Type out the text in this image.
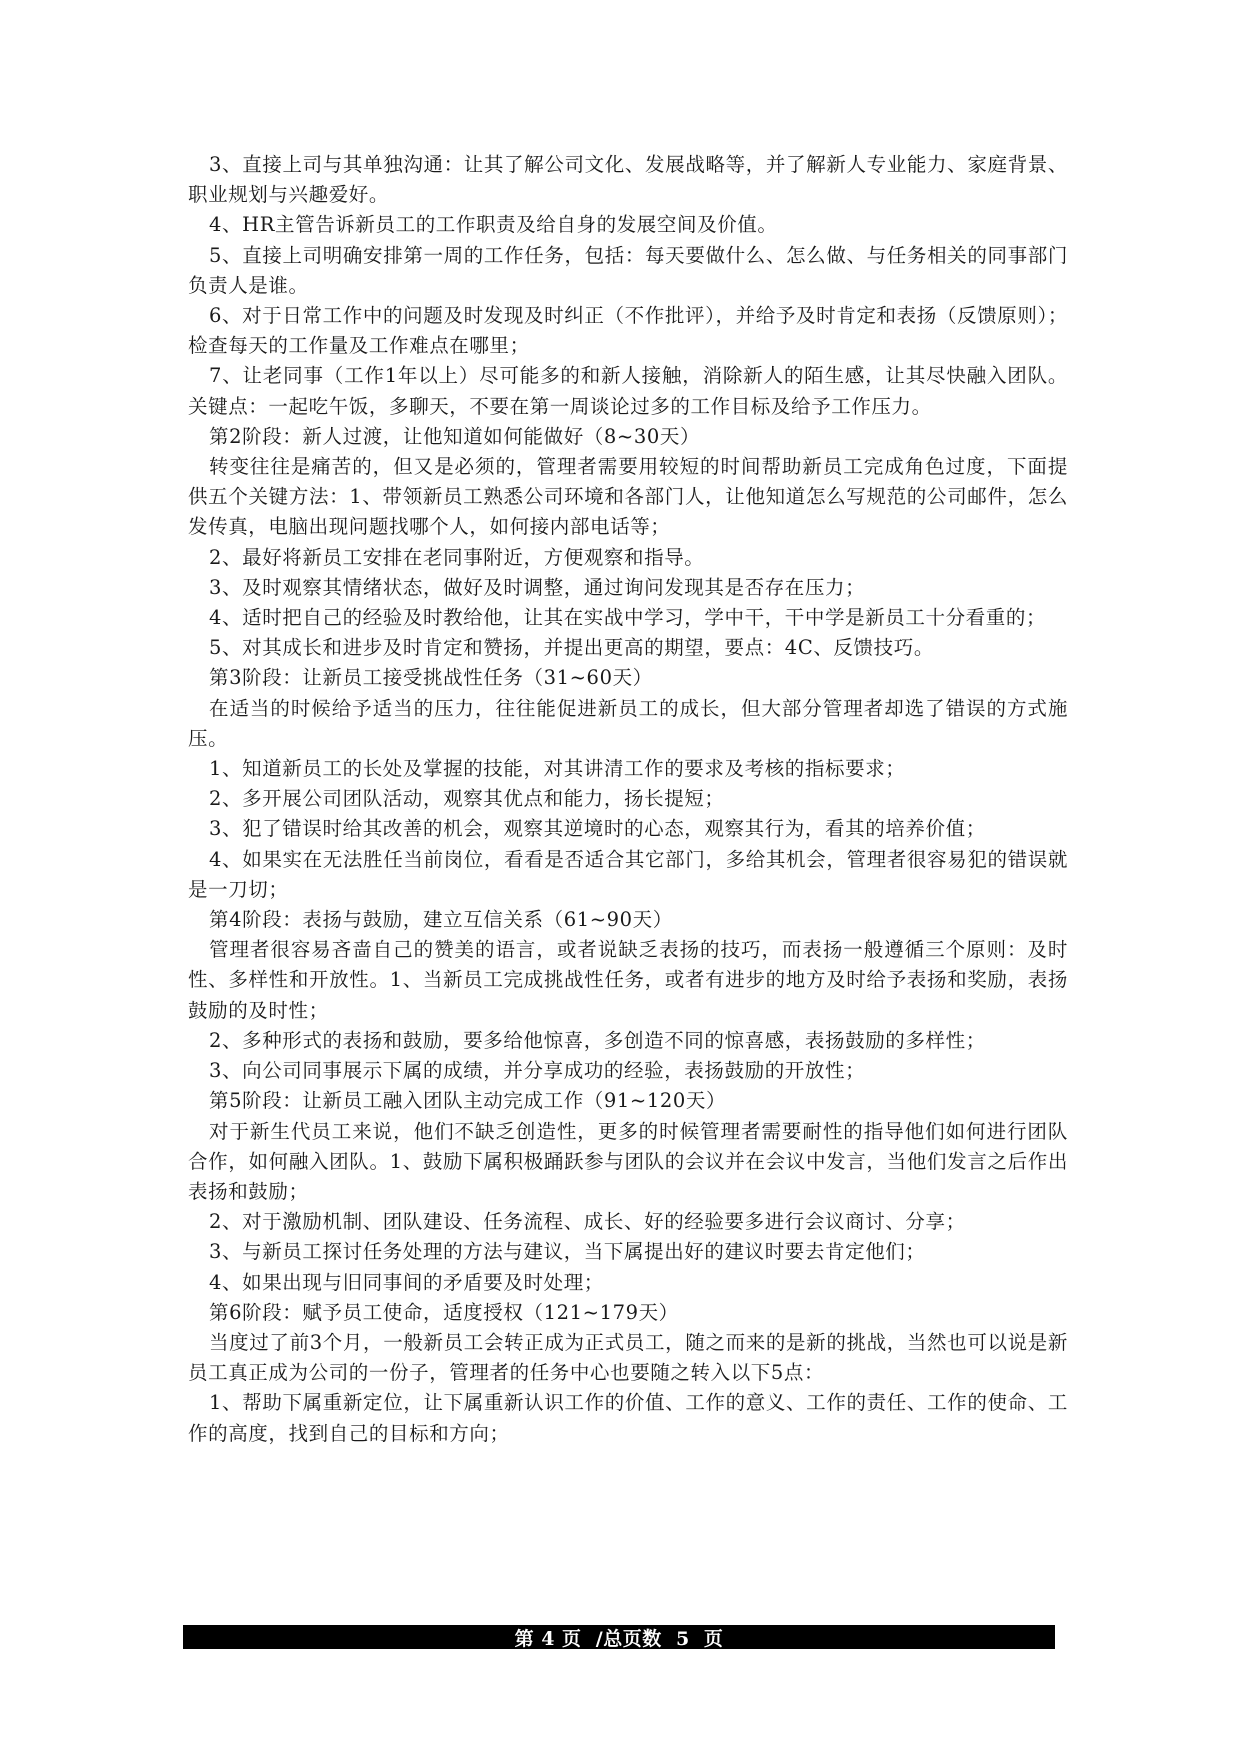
3、直接上司与其单独沟通：让其了解公司文化、发展战略等，并了解新人专业能力、家庭背景、职业规划与兴趣爱好。

4、HR主管告诉新员工的工作职责及给自身的发展空间及价值。

5、直接上司明确安排第一周的工作任务，包括：每天要做什么、怎么做、与任务相关的同事部门负责人是谁。

6、对于日常工作中的问题及时发现及时纠正（不作批评），并给予及时肯定和表扬（反馈原则）；检查每天的工作量及工作难点在哪里；

7、让老同事（工作1年以上）尽可能多的和新人接触，消除新人的陌生感，让其尽快融入团队。关键点：一起吃午饭，多聊天，不要在第一周谈论过多的工作目标及给予工作压力。

第2阶段：新人过渡，让他知道如何能做好（8~30天）

转变往往是痛苦的，但又是必须的，管理者需要用较短的时间帮助新员工完成角色过度，下面提供五个关键方法：1、带领新员工熟悉公司环境和各部门人，让他知道怎么写规范的公司邮件，怎么发传真，电脑出现问题找哪个人，如何接内部电话等；

2、最好将新员工安排在老同事附近，方便观察和指导。

3、及时观察其情绪状态，做好及时调整，通过询问发现其是否存在压力；

4、适时把自己的经验及时教给他，让其在实战中学习，学中干，干中学是新员工十分看重的；

5、对其成长和进步及时肯定和赞扬，并提出更高的期望，要点：4C、反馈技巧。

第3阶段：让新员工接受挑战性任务（31~60天）

在适当的时候给予适当的压力，往往能促进新员工的成长，但大部分管理者却选了错误的方式施压。

1、知道新员工的长处及掌握的技能，对其讲清工作的要求及考核的指标要求；

2、多开展公司团队活动，观察其优点和能力，扬长提短；

3、犯了错误时给其改善的机会，观察其逆境时的心态，观察其行为，看其的培养价值；

4、如果实在无法胜任当前岗位，看看是否适合其它部门，多给其机会，管理者很容易犯的错误就是一刀切；

第4阶段：表扬与鼓励，建立互信关系（61~90天）

管理者很容易吝啬自己的赞美的语言，或者说缺乏表扬的技巧，而表扬一般遵循三个原则：及时性、多样性和开放性。1、当新员工完成挑战性任务，或者有进步的地方及时给予表扬和奖励，表扬鼓励的及时性；

2、多种形式的表扬和鼓励，要多给他惊喜，多创造不同的惊喜感，表扬鼓励的多样性；

3、向公司同事展示下属的成绩，并分享成功的经验，表扬鼓励的开放性；

第5阶段：让新员工融入团队主动完成工作（91~120天）

对于新生代员工来说，他们不缺乏创造性，更多的时候管理者需要耐性的指导他们如何进行团队合作，如何融入团队。1、鼓励下属积极踊跃参与团队的会议并在会议中发言，当他们发言之后作出表扬和鼓励；

2、对于激励机制、团队建设、任务流程、成长、好的经验要多进行会议商讨、分享；

3、与新员工探讨任务处理的方法与建议，当下属提出好的建议时要去肯定他们；

4、如果出现与旧同事间的矛盾要及时处理；

第6阶段：赋予员工使命，适度授权（121~179天）

当度过了前3个月，一般新员工会转正成为正式员工，随之而来的是新的挑战，当然也可以说是新员工真正成为公司的一份子，管理者的任务中心也要随之转入以下5点：

1、帮助下属重新定位，让下属重新认识工作的价值、工作的意义、工作的责任、工作的使命、工作的高度，找到自己的目标和方向；

第 4 页  /总页数  5  页
